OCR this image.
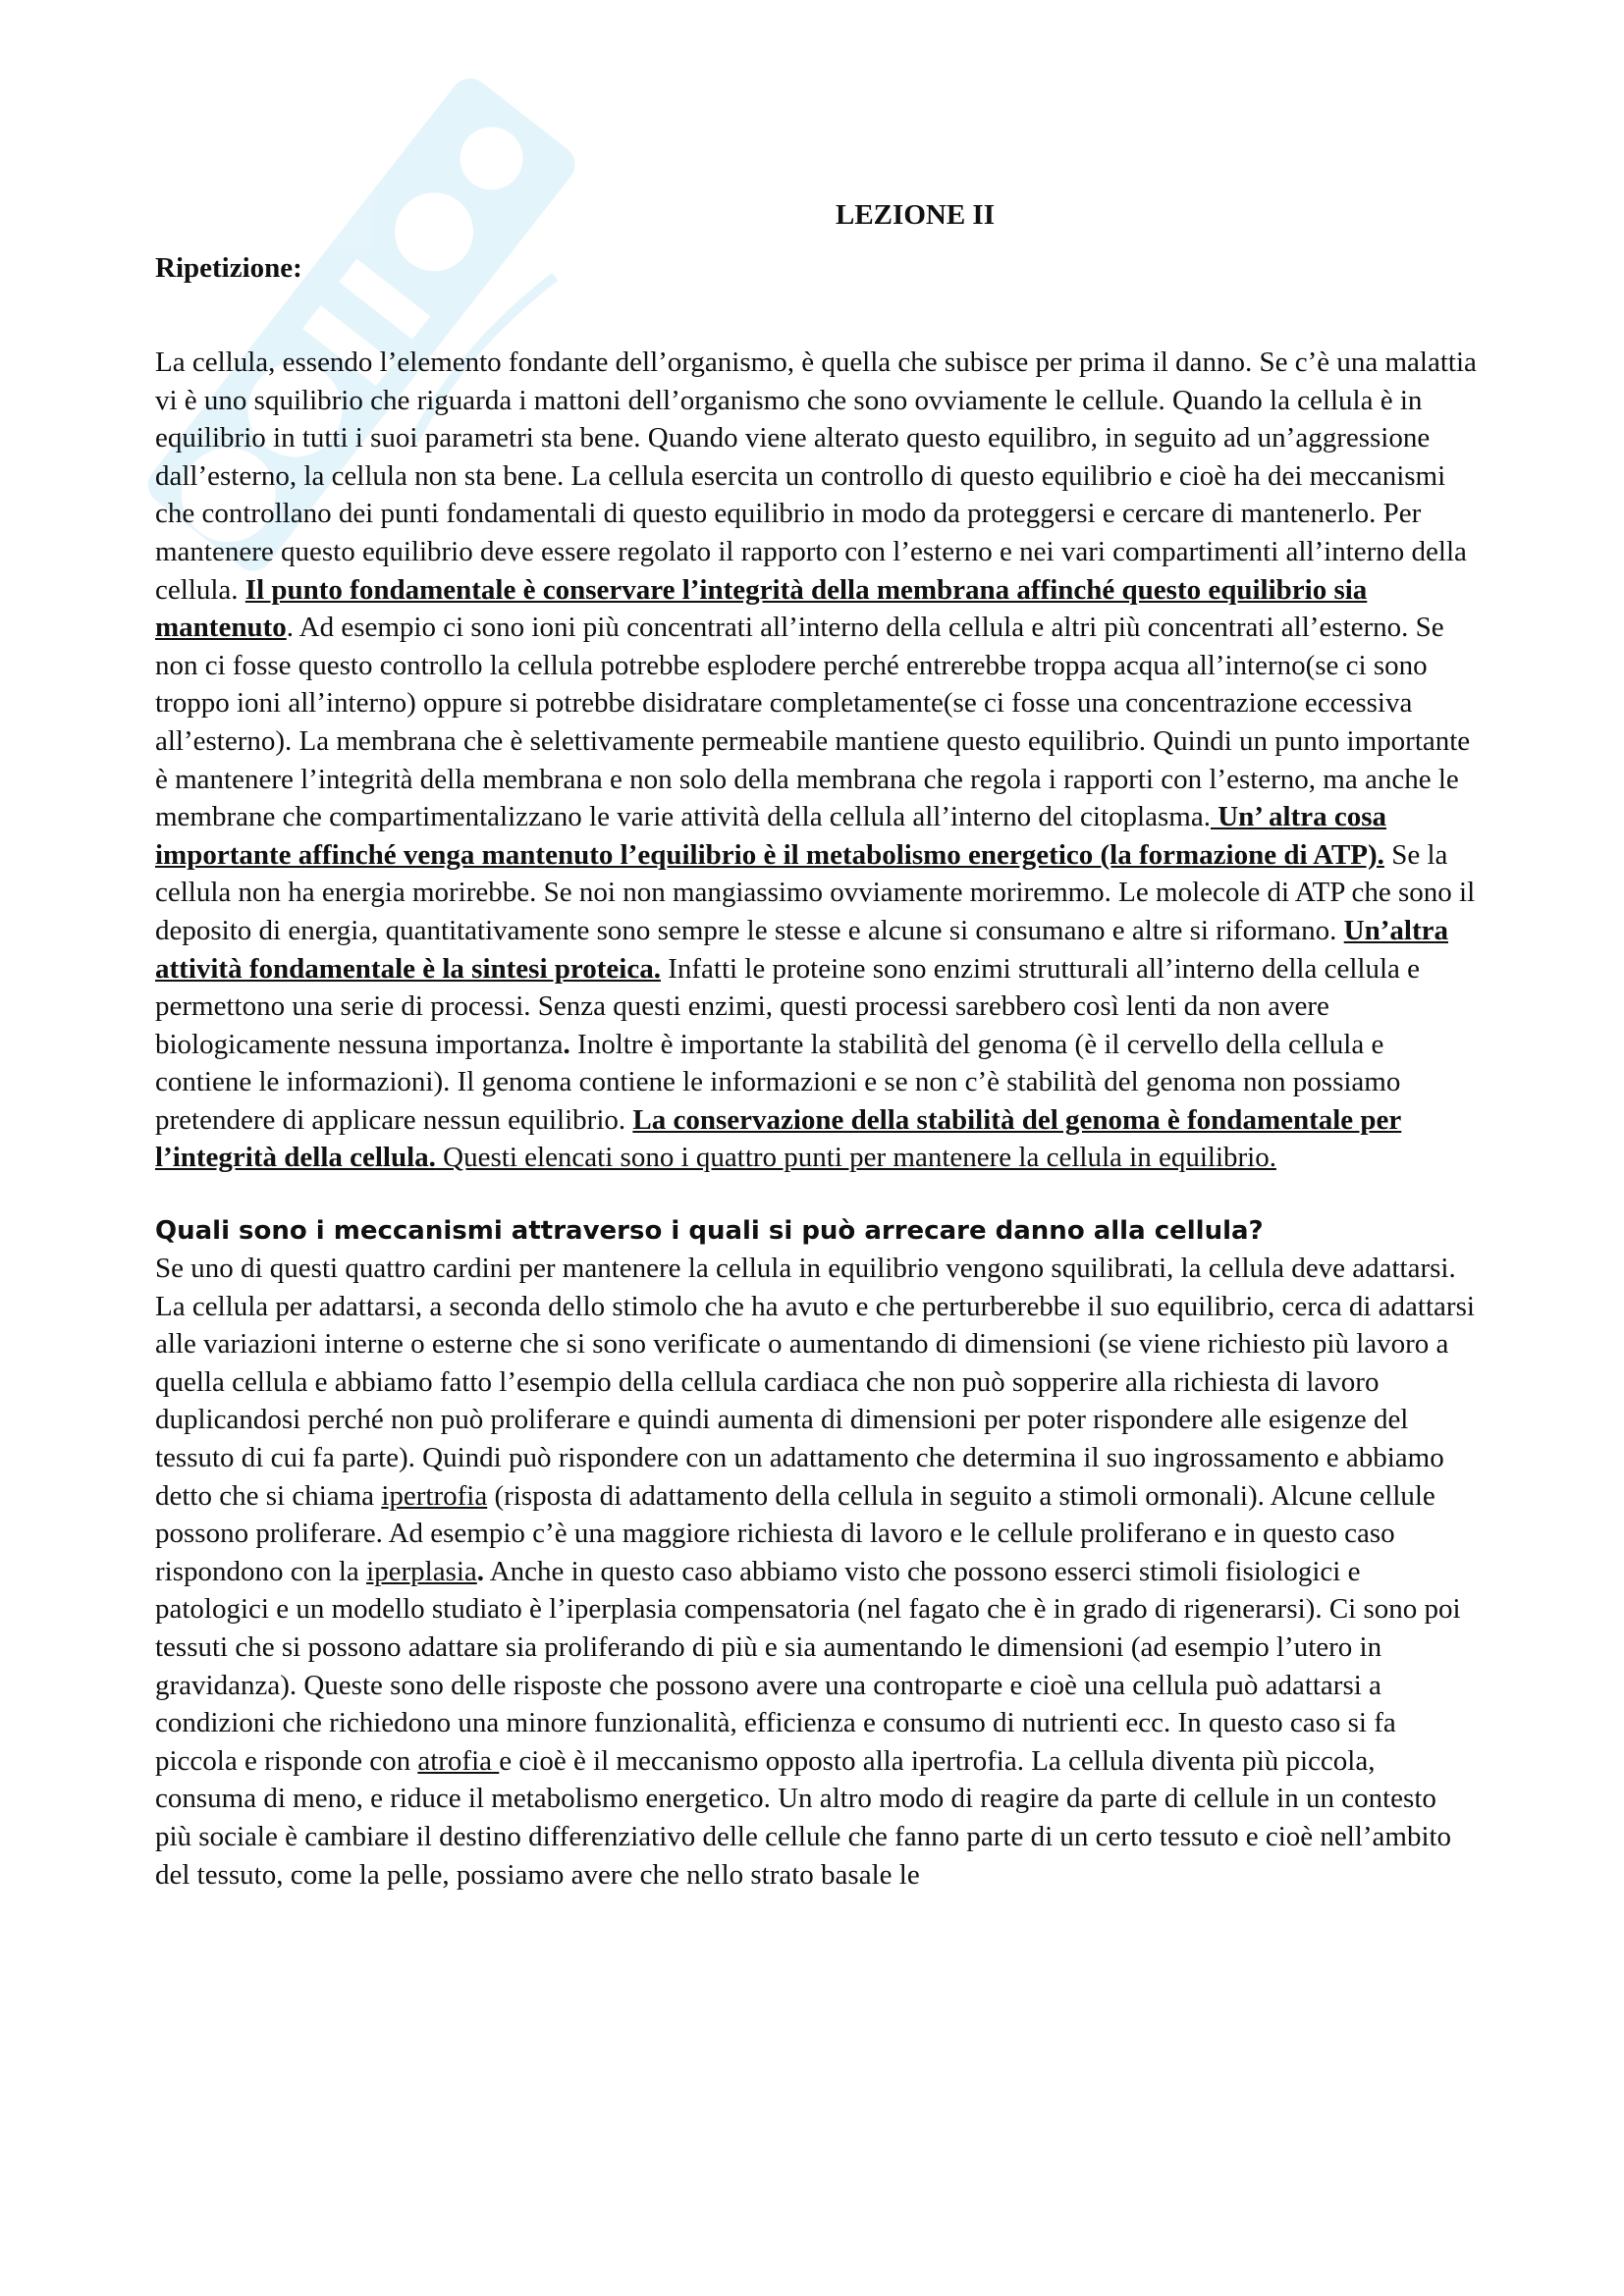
LEZIONE II
Ripetizione:

La cellula, essendo l’elemento fondante dell’organismo, è quella che subisce per prima il danno. Se c’è una malattia vi è uno squilibrio che riguarda i mattoni dell’organismo che sono ovviamente le cellule. Quando la cellula è in equilibrio in tutti i suoi parametri sta bene. Quando viene alterato questo equilibro, in seguito ad un’aggressione dall’esterno, la cellula non sta bene. La cellula esercita un controllo di questo equilibrio e cioè ha dei meccanismi che controllano dei punti fondamentali di questo equilibrio in modo da proteggersi e cercare di mantenerlo. Per mantenere questo equilibrio deve essere regolato il rapporto con l’esterno e nei vari compartimenti all’interno della cellula. Il punto fondamentale è conservare l’integrità della membrana affinché questo equilibrio sia mantenuto. Ad esempio ci sono ioni più concentrati all’interno della cellula e altri più concentrati all’esterno. Se non ci fosse questo controllo la cellula potrebbe esplodere perché entrerebbe troppa acqua all’interno(se ci sono troppo ioni all’interno) oppure si potrebbe disidratare completamente(se ci fosse una concentrazione eccessiva all’esterno). La membrana che è selettivamente permeabile mantiene questo equilibrio. Quindi un punto importante è mantenere l’integrità della membrana e non solo della membrana che regola i rapporti con l’esterno, ma anche le membrane che compartimentalizzano le varie attività della cellula all’interno del citoplasma. Un’ altra cosa importante affinché venga mantenuto l’equilibrio è il metabolismo energetico (la formazione di ATP). Se la cellula non ha energia morirebbe. Se noi non mangiassimo ovviamente moriremmo. Le molecole di ATP che sono il deposito di energia, quantitativamente sono sempre le stesse e alcune si consumano e altre si riformano. Un’altra attività fondamentale è la sintesi proteica. Infatti le proteine sono enzimi strutturali all’interno della cellula e permettono una serie di processi. Senza questi enzimi, questi processi sarebbero così lenti da non avere biologicamente nessuna importanza. Inoltre è importante la stabilità del genoma (è il cervello della cellula e contiene le informazioni). Il genoma contiene le informazioni e se non c’è stabilità del genoma non possiamo pretendere di applicare nessun equilibrio. La conservazione della stabilità del genoma è fondamentale per l’integrità della cellula. Questi elencati sono i quattro punti per mantenere la cellula in equilibrio.

Quali sono i meccanismi attraverso i quali si può arrecare danno alla cellula?

Se uno di questi quattro cardini per mantenere la cellula in equilibrio vengono squilibrati, la cellula deve adattarsi. La cellula per adattarsi, a seconda dello stimolo che ha avuto e che perturberebbe il suo equilibrio, cerca di adattarsi alle variazioni interne o esterne che si sono verificate o aumentando di dimensioni (se viene richiesto più lavoro a quella cellula e abbiamo fatto l’esempio della cellula cardiaca che non può sopperire alla richiesta di lavoro duplicandosi perché non può proliferare e quindi aumenta di dimensioni per poter rispondere alle esigenze del tessuto di cui fa parte). Quindi può rispondere con un adattamento che determina il suo ingrossamento e abbiamo detto che si chiama ipertrofia (risposta di adattamento della cellula in seguito a stimoli ormonali). Alcune cellule possono proliferare. Ad esempio c’è una maggiore richiesta di lavoro e le cellule proliferano e in questo caso rispondono con la iperplasia. Anche in questo caso abbiamo visto che possono esserci stimoli fisiologici e patologici e un modello studiato è l’iperplasia compensatoria (nel fagato che è in grado di rigenerarsi). Ci sono poi tessuti che si possono adattare sia proliferando di più e sia aumentando le dimensioni (ad esempio l’utero in gravidanza). Queste sono delle risposte che possono avere una controparte e cioè una cellula può adattarsi a condizioni che richiedono una minore funzionalità, efficienza e consumo di nutrienti ecc. In questo caso si fa piccola e risponde con atrofia e cioè è il meccanismo opposto alla ipertrofia. La cellula diventa più piccola, consuma di meno, e riduce il metabolismo energetico. Un altro modo di reagire da parte di cellule in un contesto più sociale è cambiare il destino differenziativo delle cellule che fanno parte di un certo tessuto e cioè nell’ambito del tessuto, come la pelle, possiamo avere che nello strato basale le
